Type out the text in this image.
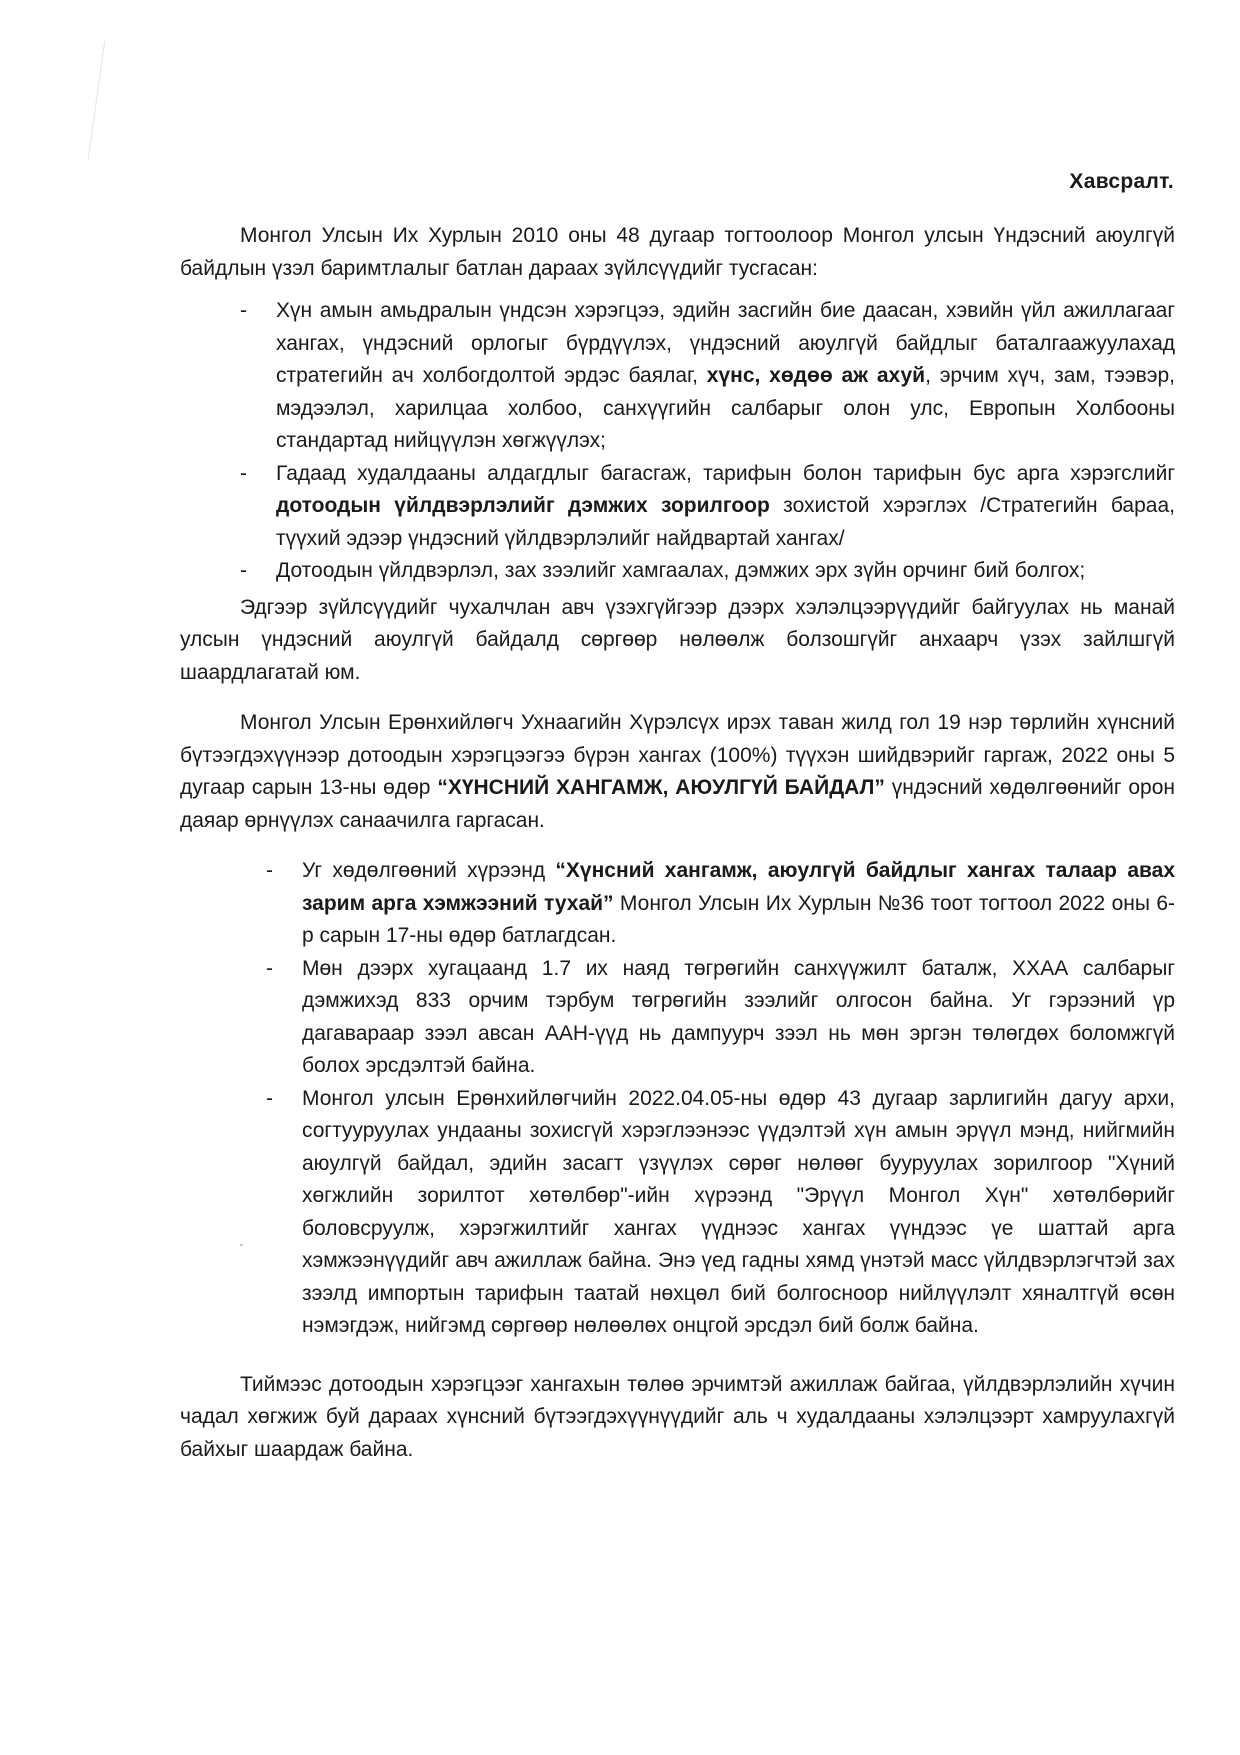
Хавсралт.

Монгол Улсын Их Хурлын 2010 оны 48 дугаар тогтоолоор Монгол улсын Үндэсний аюулгүй байдлын үзэл баримтлалыг батлан дараах зүйлсүүдийг тусгасан:

- Хүн амын амьдралын үндсэн хэрэгцээ, эдийн засгийн бие даасан, хэвийн үйл ажиллагааг хангах, үндэсний орлогыг бүрдүүлэх, үндэсний аюулгүй байдлыг баталгаажуулахад стратегийн ач холбогдолтой эрдэс баялаг, хүнс, хөдөө аж ахуй, эрчим хүч, зам, тээвэр, мэдээлэл, харилцаа холбоо, санхүүгийн салбарыг олон улс, Европын Холбооны стандартад нийцүүлэн хөгжүүлэх;
- Гадаад худалдааны алдагдлыг багасгаж, тарифын болон тарифын бус арга хэрэгслийг дотоодын үйлдвэрлэлийг дэмжих зорилгоор зохистой хэрэглэх /Стратегийн бараа, түүхий эдээр үндэсний үйлдвэрлэлийг найдвартай хангах/
- Дотоодын үйлдвэрлэл, зах зээлийг хамгаалах, дэмжих эрх зүйн орчинг бий болгох;

Эдгээр зүйлсүүдийг чухалчлан авч үзэхгүйгээр дээрх хэлэлцээрүүдийг байгуулах нь манай улсын үндэсний аюулгүй байдалд сөргөөр нөлөөлж болзошгүйг анхаарч үзэх зайлшгүй шаардлагатай юм.

Монгол Улсын Ерөнхийлөгч Ухнаагийн Хүрэлсүх ирэх таван жилд гол 19 нэр төрлийн хүнсний бүтээгдэхүүнээр дотоодын хэрэгцээгээ бүрэн хангах (100%) түүхэн шийдвэрийг гаргаж, 2022 оны 5 дугаар сарын 13-ны өдөр “ХҮНСНИЙ ХАНГАМЖ, АЮУЛГҮЙ БАЙДАЛ” үндэсний хөдөлгөөнийг орон даяар өрнүүлэх санаачилга гаргасан.

- Уг хөдөлгөөний хүрээнд “Хүнсний хангамж, аюулгүй байдлыг хангах талаар авах зарим арга хэмжээний тухай” Монгол Улсын Их Хурлын №36 тоот тогтоол 2022 оны 6-р сарын 17-ны өдөр батлагдсан.
- Мөн дээрх хугацаанд 1.7 их наяд төгрөгийн санхүүжилт баталж, ХХАА салбарыг дэмжихэд 833 орчим тэрбум төгрөгийн зээлийг олгосон байна. Уг гэрээний үр дагавараар зээл авсан ААН-үүд нь дампуурч зээл нь мөн эргэн төлөгдөх боломжгүй болох эрсдэлтэй байна.
- Монгол улсын Ерөнхийлөгчийн 2022.04.05-ны өдөр 43 дугаар зарлигийн дагуу архи, согтууруулах ундааны зохисгүй хэрэглээнээс үүдэлтэй хүн амын эрүүл мэнд, нийгмийн аюулгүй байдал, эдийн засагт үзүүлэх сөрөг нөлөөг бууруулах зорилгоор "Хүний хөгжлийн зорилтот хөтөлбөр"-ийн хүрээнд "Эрүүл Монгол Хүн" хөтөлбөрийг боловсруулж, хэрэгжилтийг хангах үүднээс хангах үүндээс үе шаттай арга хэмжээнүүдийг авч ажиллаж байна. Энэ үед гадны хямд үнэтэй масс үйлдвэрлэгчтэй зах зээлд импортын тарифын таатай нөхцөл бий болгосноор нийлүүлэлт хяналтгүй өсөн нэмэгдэж, нийгэмд сөргөөр нөлөөлөх онцгой эрсдэл бий болж байна.

Тиймээс дотоодын хэрэгцээг хангахын төлөө эрчимтэй ажиллаж байгаа, үйлдвэрлэлийн хүчин чадал хөгжиж буй дараах хүнсний бүтээгдэхүүнүүдийг аль ч худалдааны хэлэлцээрт хамруулахгүй байхыг шаардаж байна.
